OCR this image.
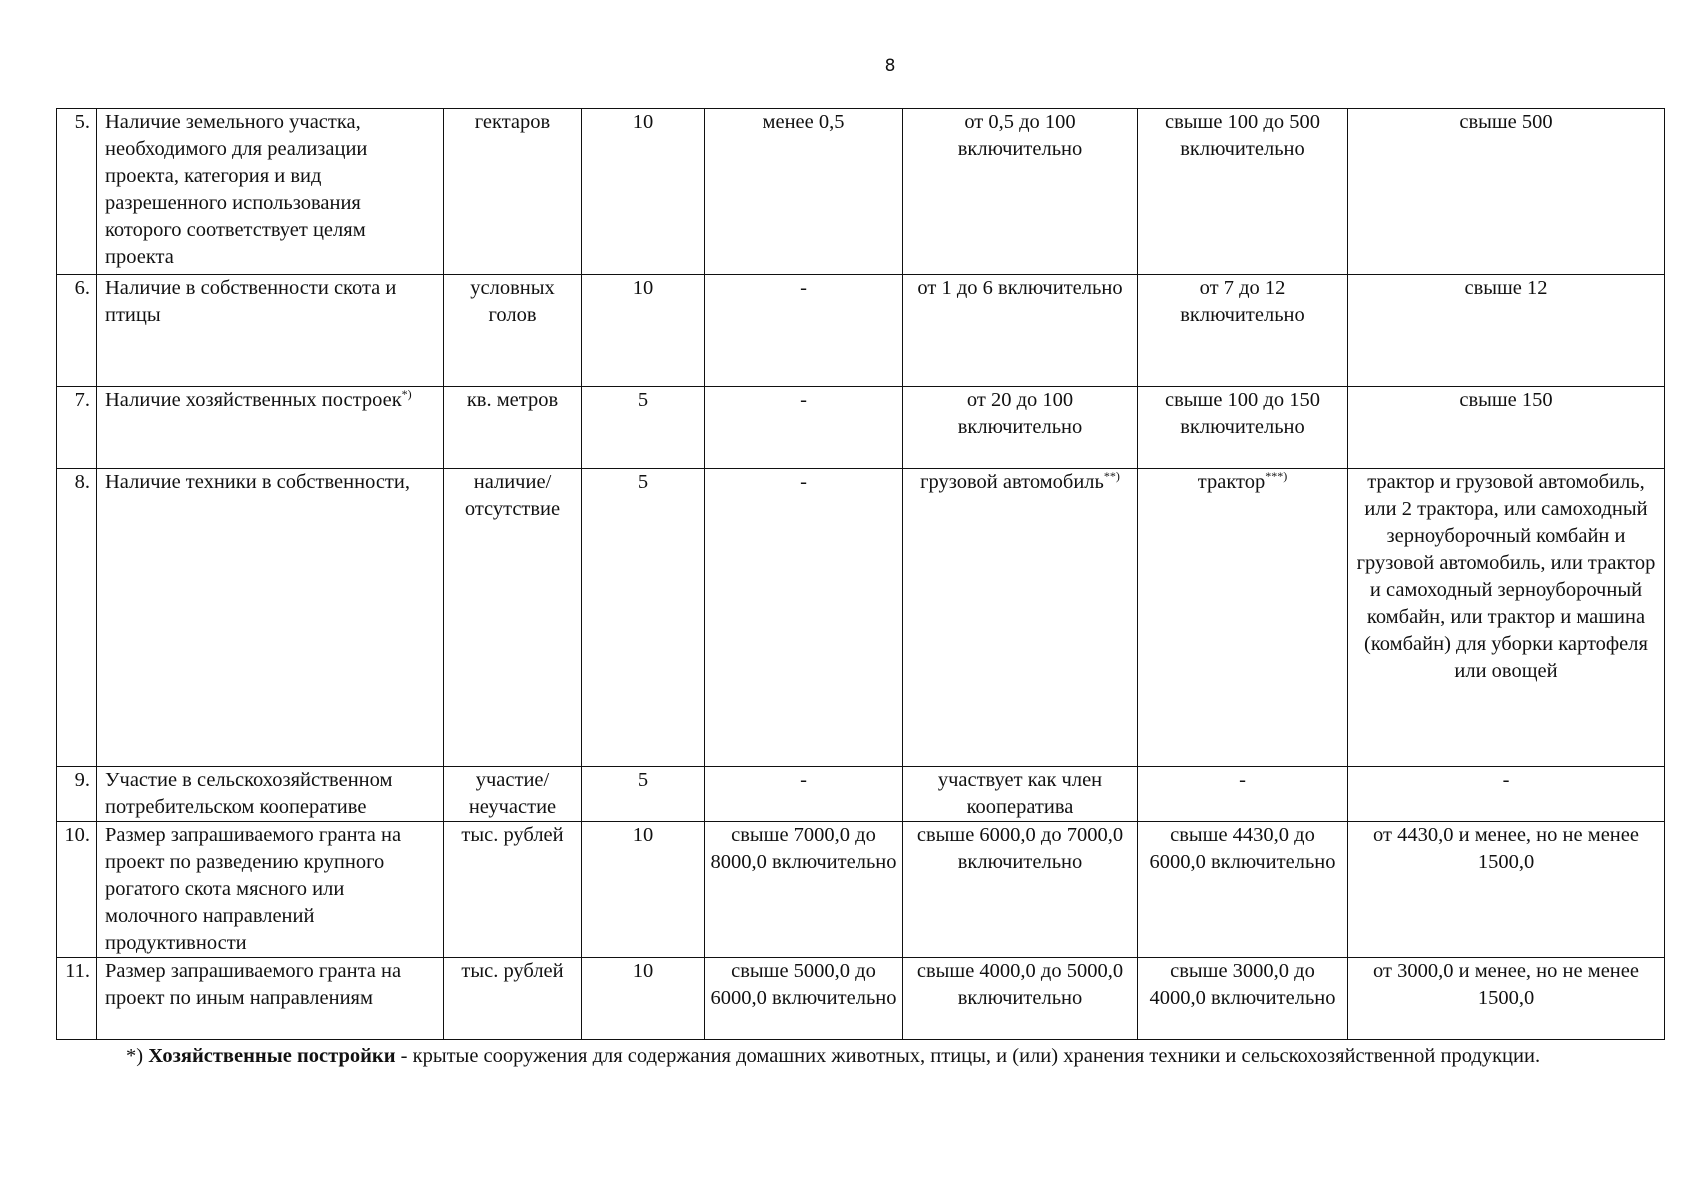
8
5.	Наличие земельного участка, необходимого для реализации проекта, категория и вид разрешенного использования которого соответствует целям проекта	гектаров	10	менее 0,5	от 0,5 до 100 включительно	свыше 100 до 500 включительно	свыше 500
6.	Наличие в собственности скота и птицы	условных голов	10	-	от 1 до 6 включительно	от 7 до 12 включительно	свыше 12
7.	Наличие хозяйственных построек*)	кв. метров	5	-	от 20 до 100 включительно	свыше 100 до 150 включительно	свыше 150
8.	Наличие техники в собственности,	наличие/ отсутствие	5	-	грузовой автомобиль**)	трактор***)	трактор и грузовой автомобиль, или 2 трактора, или самоходный зерноуборочный комбайн и грузовой автомобиль, или трактор и самоходный зерноуборочный комбайн, или трактор и машина (комбайн) для уборки картофеля или овощей
9.	Участие в сельскохозяйственном потребительском кооперативе	участие/ неучастие	5	-	участвует как член кооператива	-	-
10.	Размер запрашиваемого гранта на проект по разведению крупного рогатого скота мясного или молочного направлений продуктивности	тыс. рублей	10	свыше 7000,0 до 8000,0 включительно	свыше 6000,0 до 7000,0 включительно	свыше 4430,0 до 6000,0 включительно	от 4430,0 и менее, но не менее 1500,0
11.	Размер запрашиваемого гранта на проект по иным направлениям	тыс. рублей	10	свыше 5000,0 до 6000,0 включительно	свыше 4000,0 до 5000,0 включительно	свыше 3000,0 до 4000,0 включительно	от 3000,0 и менее, но не менее 1500,0
*) Хозяйственные постройки - крытые сооружения для содержания домашних животных, птицы, и (или) хранения техники и сельскохозяйственной продукции.
